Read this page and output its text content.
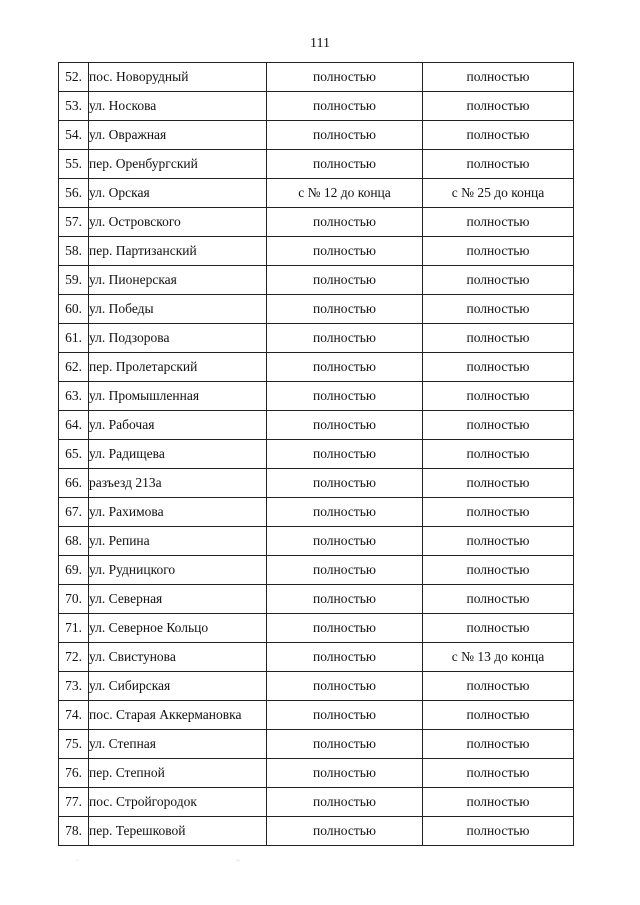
111
52.	пос. Новорудный	полностью	полностью
53.	ул. Носкова	полностью	полностью
54.	ул. Овражная	полностью	полностью
55.	пер. Оренбургский	полностью	полностью
56.	ул. Орская	с № 12 до конца	с № 25 до конца
57.	ул. Островского	полностью	полностью
58.	пер. Партизанский	полностью	полностью
59.	ул. Пионерская	полностью	полностью
60.	ул. Победы	полностью	полностью
61.	ул. Подзорова	полностью	полностью
62.	пер. Пролетарский	полностью	полностью
63.	ул. Промышленная	полностью	полностью
64.	ул. Рабочая	полностью	полностью
65.	ул. Радищева	полностью	полностью
66.	разъезд 213а	полностью	полностью
67.	ул. Рахимова	полностью	полностью
68.	ул. Репина	полностью	полностью
69.	ул. Рудницкого	полностью	полностью
70.	ул. Северная	полностью	полностью
71.	ул. Северное Кольцо	полностью	полностью
72.	ул. Свистунова	полностью	с № 13 до конца
73.	ул. Сибирская	полностью	полностью
74.	пос. Старая Аккермановка	полностью	полностью
75.	ул. Степная	полностью	полностью
76.	пер. Степной	полностью	полностью
77.	пос. Стройгородок	полностью	полностью
78.	пер. Терешковой	полностью	полностью
·	··
